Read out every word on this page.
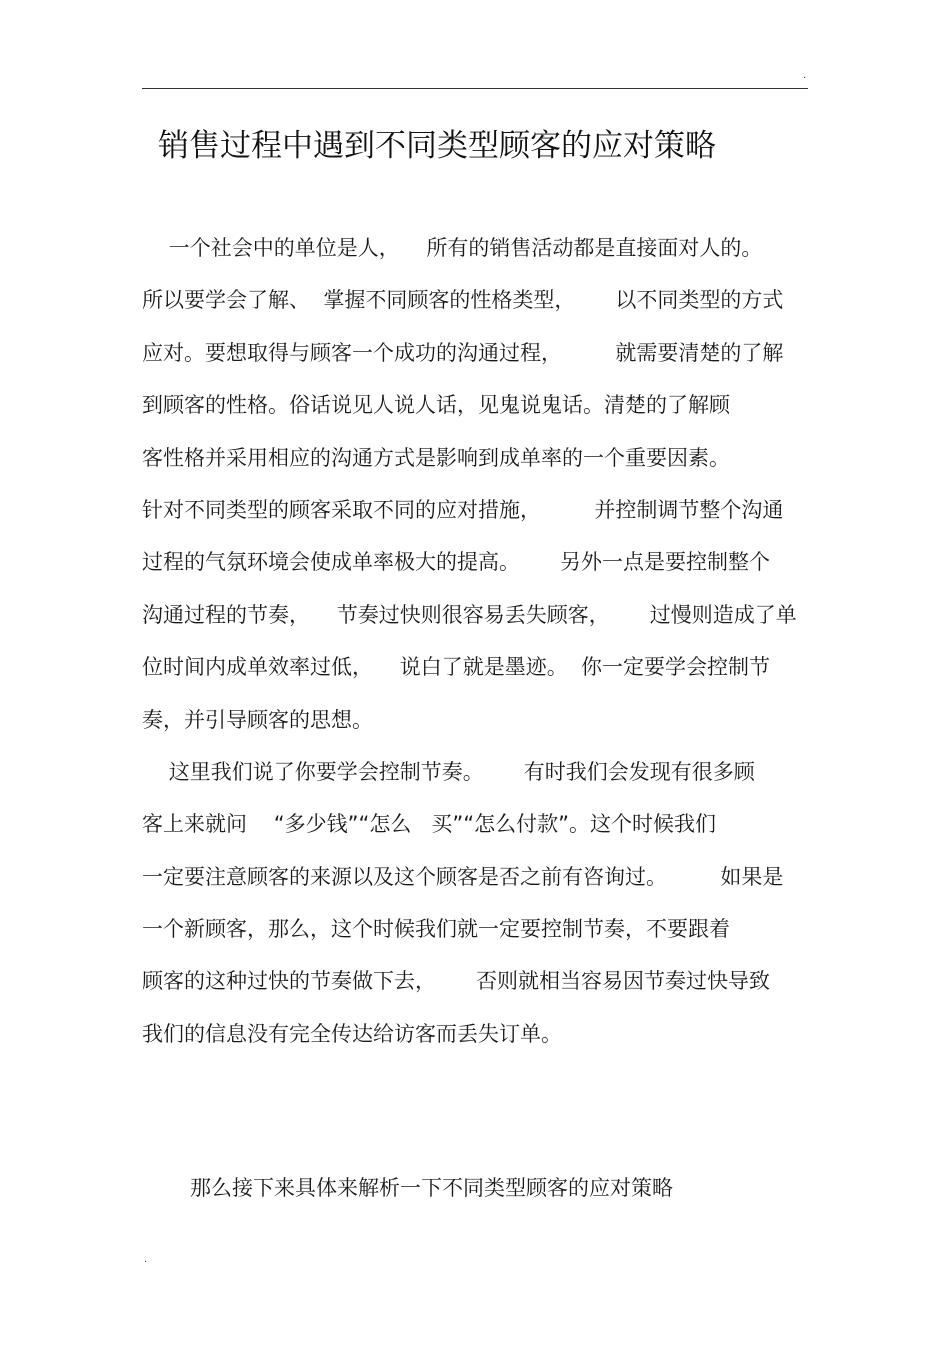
.
销售过程中遇到不同类型顾客的应对策略
一个社会中的单位是人，    所有的销售活动都是直接面对人的。
所以要学会了解、  掌握不同顾客的性格类型，      以不同类型的方式
应对。要想取得与顾客一个成功的沟通过程，        就需要清楚的了解
到顾客的性格。俗话说见人说人话，见鬼说鬼话。清楚的了解顾
客性格并采用相应的沟通方式是影响到成单率的一个重要因素。
针对不同类型的顾客采取不同的应对措施，        并控制调节整个沟通
过程的气氛环境会使成单率极大的提高。      另外一点是要控制整个
沟通过程的节奏，    节奏过快则很容易丢失顾客，      过慢则造成了单
位时间内成单效率过低，    说白了就是墨迹。  你一定要学会控制节
奏，并引导顾客的思想。
这里我们说了你要学会控制节奏。      有时我们会发现有很多顾
客上来就问    “多少钱”“怎么   买”“怎么付款”。这个时候我们
一定要注意顾客的来源以及这个顾客是否之前有咨询过。        如果是
一个新顾客，那么，这个时候我们就一定要控制节奏，不要跟着
顾客的这种过快的节奏做下去，      否则就相当容易因节奏过快导致
我们的信息没有完全传达给访客而丢失订单。
那么接下来具体来解析一下不同类型顾客的应对策略
.
